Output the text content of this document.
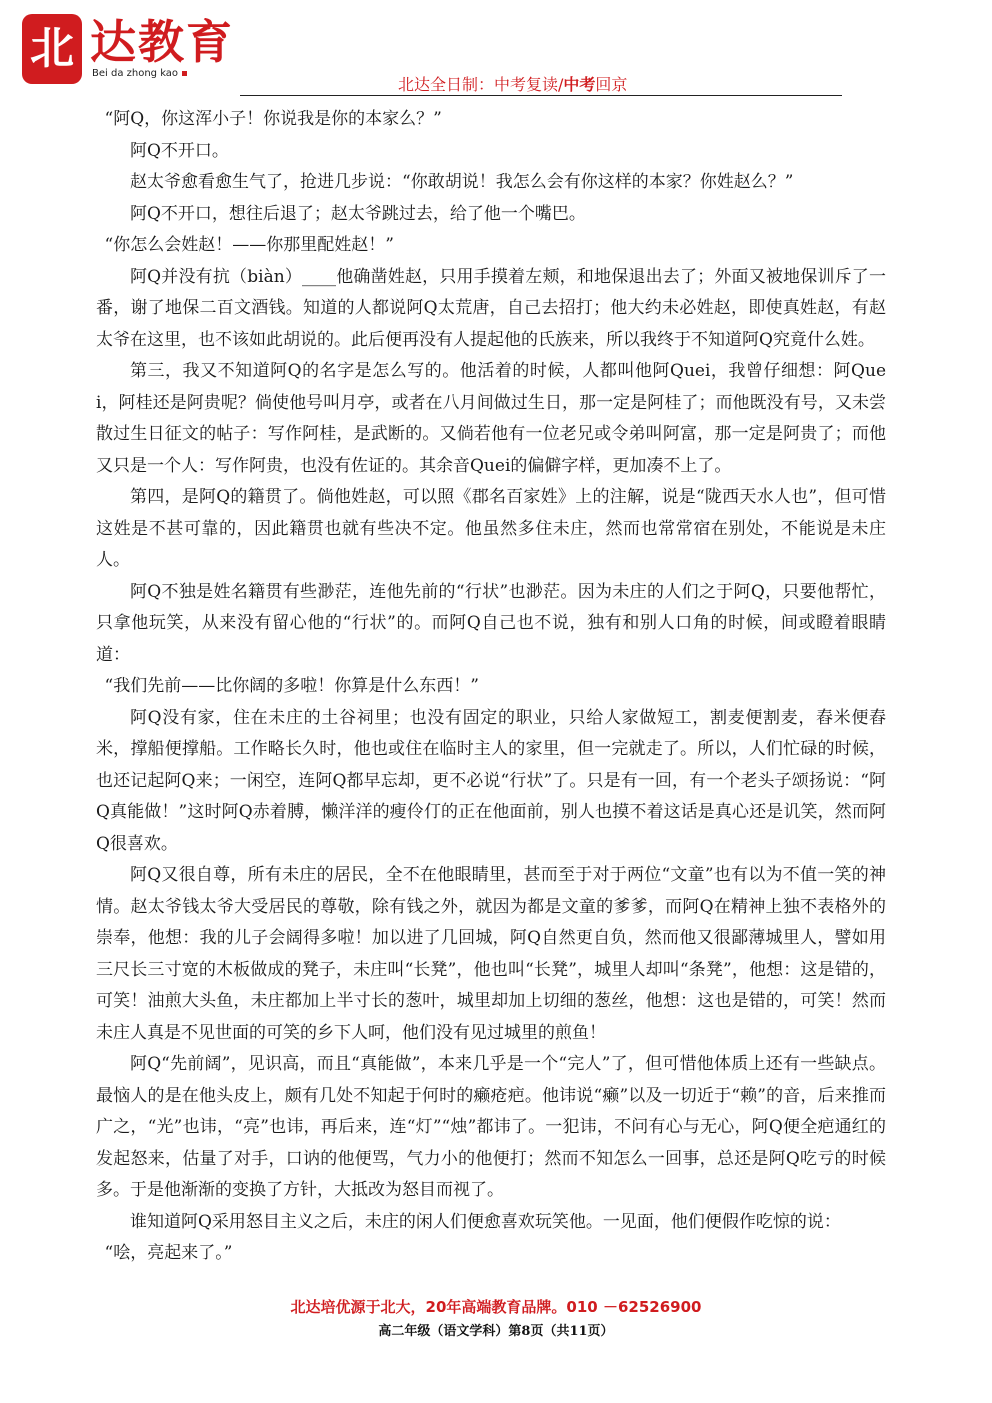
北 达教育
Bei da zhong kao
北达全日制：中考复读/中考回京

“阿Q，你这浑小子！你说我是你的本家么？”

阿Q不开口。

赵太爷愈看愈生气了，抢进几步说：“你敢胡说！我怎么会有你这样的本家？你姓赵么？”

阿Q不开口，想往后退了；赵太爷跳过去，给了他一个嘴巴。

“你怎么会姓赵！——你那里配姓赵！”

阿Q并没有抗（biàn）____他确凿姓赵，只用手摸着左颊，和地保退出去了；外面又被地保训斥了一番，谢了地保二百文酒钱。知道的人都说阿Q太荒唐，自己去招打；他大约未必姓赵，即使真姓赵，有赵太爷在这里，也不该如此胡说的。此后便再没有人提起他的氏族来，所以我终于不知道阿Q究竟什么姓。

第三，我又不知道阿Q的名字是怎么写的。他活着的时候，人都叫他阿Quei，我曾仔细想：阿Quei，阿桂还是阿贵呢？倘使他号叫月亭，或者在八月间做过生日，那一定是阿桂了；而他既没有号，又未尝散过生日征文的帖子：写作阿桂，是武断的。又倘若他有一位老兄或令弟叫阿富，那一定是阿贵了；而他又只是一个人：写作阿贵，也没有佐证的。其余音Quei的偏僻字样，更加凑不上了。

第四，是阿Q的籍贯了。倘他姓赵，可以照《郡名百家姓》上的注解，说是“陇西天水人也”，但可惜这姓是不甚可靠的，因此籍贯也就有些决不定。他虽然多住未庄，然而也常常宿在别处，不能说是未庄人。

阿Q不独是姓名籍贯有些渺茫，连他先前的“行状”也渺茫。因为未庄的人们之于阿Q，只要他帮忙，只拿他玩笑，从来没有留心他的“行状”的。而阿Q自己也不说，独有和别人口角的时候，间或瞪着眼睛道：

“我们先前——比你阔的多啦！你算是什么东西！”

阿Q没有家，住在未庄的土谷祠里；也没有固定的职业，只给人家做短工，割麦便割麦，舂米便舂米，撑船便撑船。工作略长久时，他也或住在临时主人的家里，但一完就走了。所以，人们忙碌的时候，也还记起阿Q来；一闲空，连阿Q都早忘却，更不必说“行状”了。只是有一回，有一个老头子颂扬说：“阿Q真能做！”这时阿Q赤着膊，懒洋洋的瘦伶仃的正在他面前，别人也摸不着这话是真心还是讥笑，然而阿Q很喜欢。

阿Q又很自尊，所有未庄的居民，全不在他眼睛里，甚而至于对于两位“文童”也有以为不值一笑的神情。赵太爷钱太爷大受居民的尊敬，除有钱之外，就因为都是文童的爹爹，而阿Q在精神上独不表格外的崇奉，他想：我的儿子会阔得多啦！加以进了几回城，阿Q自然更自负，然而他又很鄙薄城里人，譬如用三尺长三寸宽的木板做成的凳子，未庄叫“长凳”，他也叫“长凳”，城里人却叫“条凳”，他想：这是错的，可笑！油煎大头鱼，未庄都加上半寸长的葱叶，城里却加上切细的葱丝，他想：这也是错的，可笑！然而未庄人真是不见世面的可笑的乡下人呵，他们没有见过城里的煎鱼！

阿Q“先前阔”，见识高，而且“真能做”，本来几乎是一个“完人”了，但可惜他体质上还有一些缺点。最恼人的是在他头皮上，颇有几处不知起于何时的癞疮疤。他讳说“癞”以及一切近于“赖”的音，后来推而广之，“光”也讳，“亮”也讳，再后来，连“灯”“烛”都讳了。一犯讳，不问有心与无心，阿Q便全疤通红的发起怒来，估量了对手，口讷的他便骂，气力小的他便打；然而不知怎么一回事，总还是阿Q吃亏的时候多。于是他渐渐的变换了方针，大抵改为怒目而视了。

谁知道阿Q采用怒目主义之后，未庄的闲人们便愈喜欢玩笑他。一见面，他们便假作吃惊的说：

“哙，亮起来了。”

北达培优源于北大，20年高端教育品牌。010 －62526900
高二年级（语文学科）第8页（共11页）
